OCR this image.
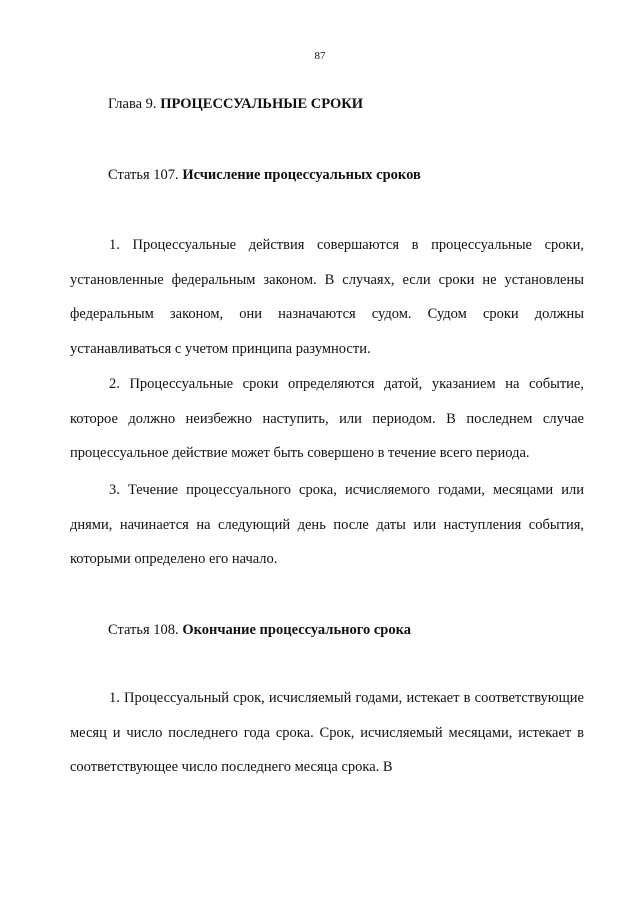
87
Глава 9. ПРОЦЕССУАЛЬНЫЕ СРОКИ
Статья 107. Исчисление процессуальных сроков

1. Процессуальные действия совершаются в процессуальные сроки, установленные федеральным законом. В случаях, если сроки не установлены федеральным законом, они назначаются судом. Судом сроки должны устанавливаться с учетом принципа разумности.

2. Процессуальные сроки определяются датой, указанием на событие, которое должно неизбежно наступить, или периодом. В последнем случае процессуальное действие может быть совершено в течение всего периода.

3. Течение процессуального срока, исчисляемого годами, месяцами или днями, начинается на следующий день после даты или наступления события, которыми определено его начало.

Статья 108. Окончание процессуального срока

1. Процессуальный срок, исчисляемый годами, истекает в соответствующие месяц и число последнего года срока. Срок, исчисляемый месяцами, истекает в соответствующее число последнего месяца срока. В
